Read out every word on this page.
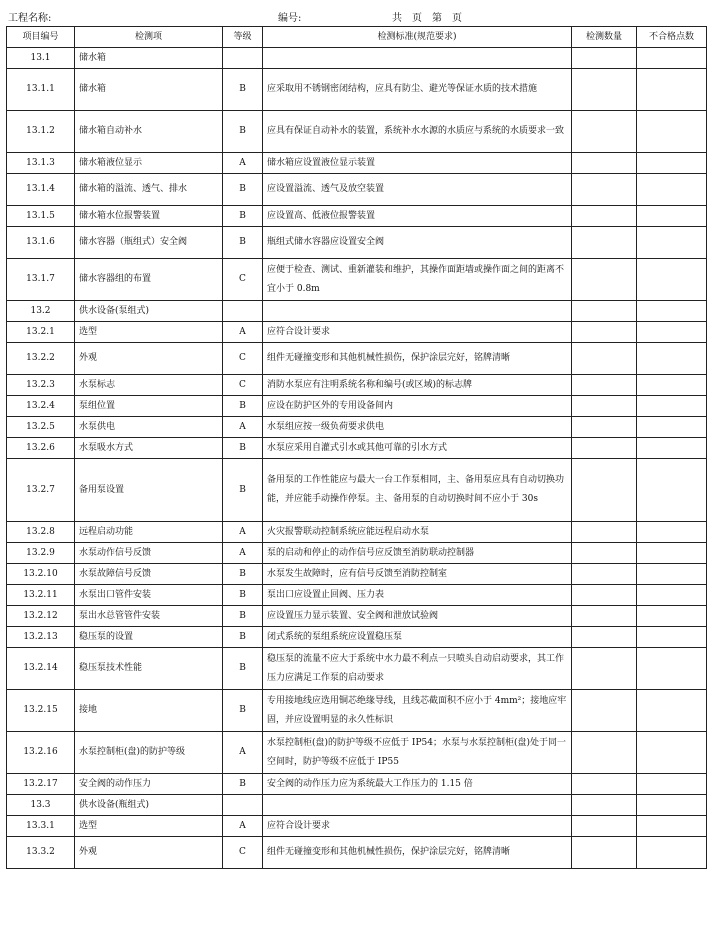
工程名称:	编号:	共　页　第　页
项目编号	检测项	等级	检测标准(规范要求)	检测数量	不合格点数
13.1	储水箱				
13.1.1	储水箱	B	应采取用不锈钢密闭结构，应具有防尘、避光等保证水质的技术措施		
13.1.2	储水箱自动补水	B	应具有保证自动补水的装置，系统补水水源的水质应与系统的水质要求一致		
13.1.3	储水箱液位显示	A	储水箱应设置液位显示装置		
13.1.4	储水箱的溢流、透气、排水	B	应设置溢流、透气及放空装置		
13.1.5	储水箱水位报警装置	B	应设置高、低液位报警装置		
13.1.6	储水容器（瓶组式）安全阀	B	瓶组式储水容器应设置安全阀		
13.1.7	储水容器组的布置	C	应便于检查、测试、重新灌装和维护，其操作面距墙或操作面之间的距离不宜小于 0.8m		
13.2	供水设备(泵组式)				
13.2.1	选型	A	应符合设计要求		
13.2.2	外观	C	组件无碰撞变形和其他机械性损伤，保护涂层完好，铭牌清晰		
13.2.3	水泵标志	C	消防水泵应有注明系统名称和编号(或区域)的标志牌		
13.2.4	泵组位置	B	应设在防护区外的专用设备间内		
13.2.5	水泵供电	A	水泵组应按一级负荷要求供电		
13.2.6	水泵吸水方式	B	水泵应采用自灌式引水或其他可靠的引水方式		
13.2.7	备用泵设置	B	备用泵的工作性能应与最大一台工作泵相同，主、备用泵应具有自动切换功能，并应能手动操作停泵。主、备用泵的自动切换时间不应小于 30s		
13.2.8	远程启动功能	A	火灾报警联动控制系统应能远程启动水泵		
13.2.9	水泵动作信号反馈	A	泵的启动和停止的动作信号应反馈至消防联动控制器		
13.2.10	水泵故障信号反馈	B	水泵发生故障时，应有信号反馈至消防控制室		
13.2.11	水泵出口管件安装	B	泵出口应设置止回阀、压力表		
13.2.12	泵出水总管管件安装	B	应设置压力显示装置、安全阀和泄放试验阀		
13.2.13	稳压泵的设置	B	闭式系统的泵组系统应设置稳压泵		
13.2.14	稳压泵技术性能	B	稳压泵的流量不应大于系统中水力最不利点一只喷头自动启动要求，其工作压力应满足工作泵的启动要求		
13.2.15	接地	B	专用接地线应选用铜芯绝缘导线，且线芯截面积不应小于 4mm²；接地应牢固，并应设置明显的永久性标识		
13.2.16	水泵控制柜(盘)的防护等级	A	水泵控制柜(盘)的防护等级不应低于 IP54；水泵与水泵控制柜(盘)处于同一空间时，防护等级不应低于 IP55		
13.2.17	安全阀的动作压力	B	安全阀的动作压力应为系统最大工作压力的 1.15 倍		
13.3	供水设备(瓶组式)				
13.3.1	选型	A	应符合设计要求		
13.3.2	外观	C	组件无碰撞变形和其他机械性损伤，保护涂层完好，铭牌清晰		
